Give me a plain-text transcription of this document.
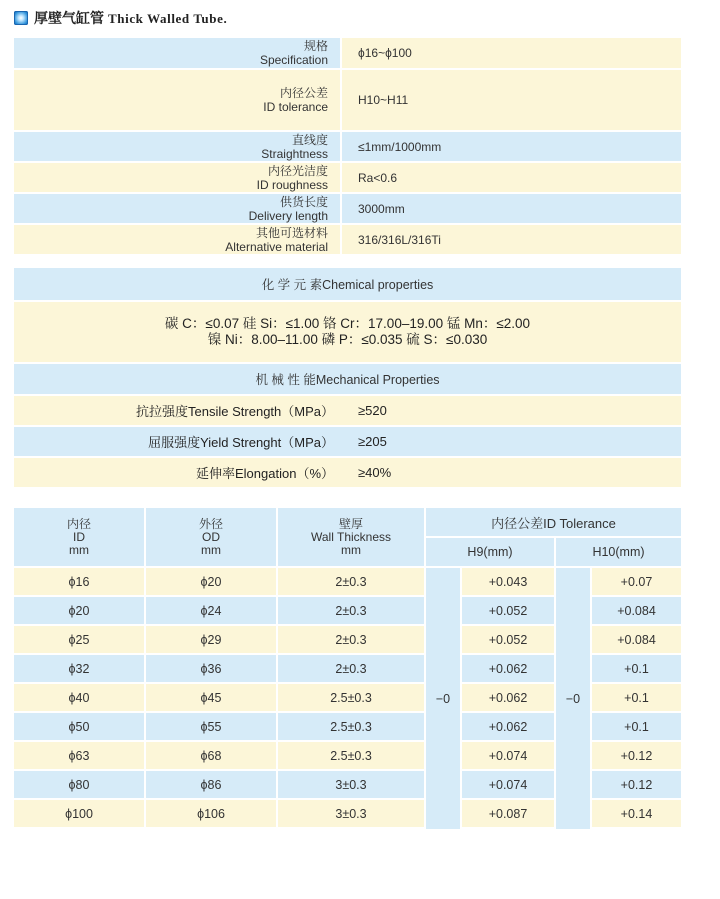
厚壁气缸管 Thick Walled Tube.
规格
Specification	ϕ16~ϕ100
内径公差
ID tolerance	H10~H11
直线度
Straightness	≤1mm/1000mm
内径光洁度
ID roughness	Ra<0.6
供货长度
Delivery length	3000mm
其他可选材料
Alternative material	316/316L/316Ti
化 学 元 素Chemical properties
碳 C：≤0.07 硅 Si：≤1.00 铬 Cr：17.00–19.00 锰 Mn：≤2.00
镍 Ni：8.00–11.00 磷 P：≤0.035 硫 S：≤0.030
机 械 性 能Mechanical Properties
抗拉强度Tensile Strength（MPa）	≥520
屈服强度Yield Strenght（MPa）	≥205
延伸率Elongation（%）	≥40%
内径
ID
mm
外径
OD
mm
壁厚
Wall Thickness
mm
内径公差ID Tolerance
H9(mm)	H10(mm)
−0	−0
ϕ16	ϕ20	2±0.3	+0.043	+0.07
ϕ20	ϕ24	2±0.3	+0.052	+0.084
ϕ25	ϕ29	2±0.3	+0.052	+0.084
ϕ32	ϕ36	2±0.3	+0.062	+0.1
ϕ40	ϕ45	2.5±0.3	+0.062	+0.1
ϕ50	ϕ55	2.5±0.3	+0.062	+0.1
ϕ63	ϕ68	2.5±0.3	+0.074	+0.12
ϕ80	ϕ86	3±0.3	+0.074	+0.12
ϕ100	ϕ106	3±0.3	+0.087	+0.14
